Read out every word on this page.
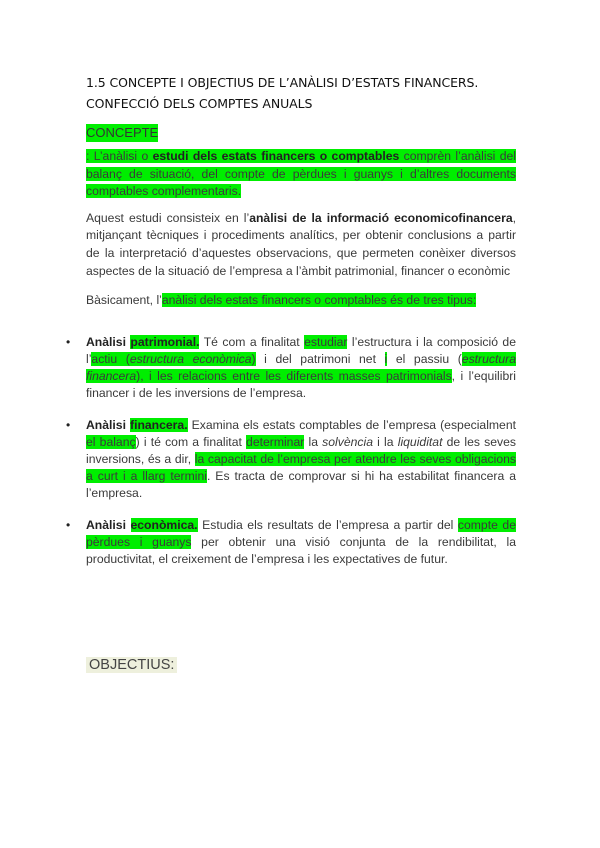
1.5 CONCEPTE I OBJECTIUS DE L’ANÀLISI D’ESTATS FINANCERS.
CONFECCIÓ DELS COMPTES ANUALS
CONCEPTE

: L’anàlisi o estudi dels estats financers o comptables comprèn l’anàlisi del balanç de situació, del compte de pèrdues i guanys i d’altres documents comptables complementaris.

Aquest estudi consisteix en l’anàlisi de la informació economicofinancera, mitjançant tècniques i procediments analítics, per obtenir conclusions a partir de la interpretació d’aquestes observacions, que permeten conèixer diversos aspectes de la situació de l’empresa a l’àmbit patrimonial, financer o econòmic

Bàsicament, l’anàlisi dels estats financers o comptables és de tres tipus:

• Anàlisi patrimonial. Té com a finalitat estudiar l’estructura i la composició de l’actiu (estructura econòmica) i del patrimoni net i el passiu (estructura financera), i les relacions entre les diferents masses patrimonials, i l’equilibri financer i de les inversions de l’empresa.
• Anàlisi financera. Examina els estats comptables de l’empresa (especialment el balanç) i té com a finalitat determinar la solvència i la liquiditat de les seves inversions, és a dir, la capacitat de l’empresa per atendre les seves obligacions a curt i a llarg termini. Es tracta de comprovar si hi ha estabilitat financera a l’empresa.
• Anàlisi econòmica. Estudia els resultats de l’empresa a partir del compte de pèrdues i guanys per obtenir una visió conjunta de la rendibilitat, la productivitat, el creixement de l’empresa i les expectatives de futur.
OBJECTIUS:
